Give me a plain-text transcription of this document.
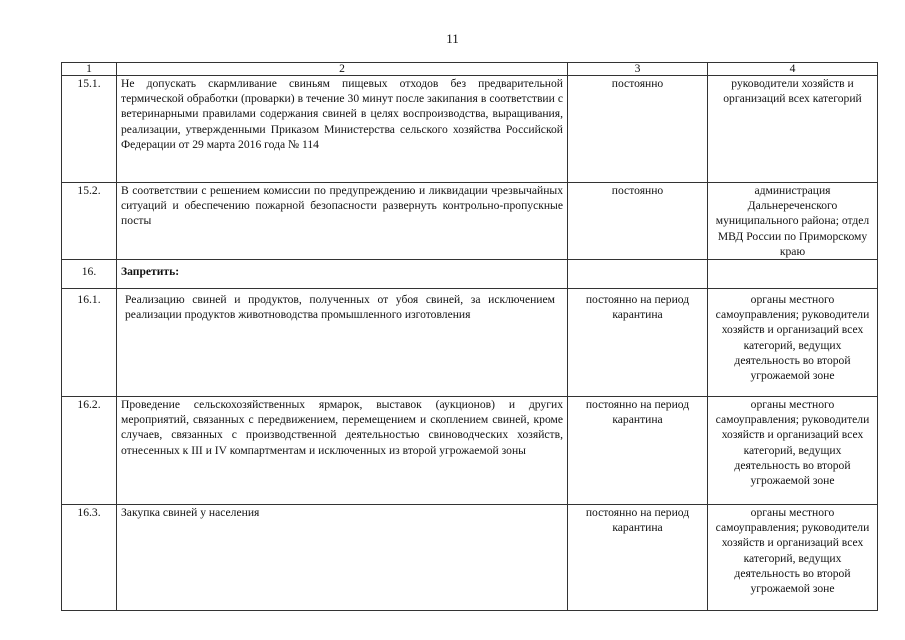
11
1	2	3	4
15.1.	Не допускать скармливание свиньям пищевых отходов без предварительной термической обработки (проварки) в течение 30 минут после закипания в соответствии с ветеринарными правилами содержания свиней в целях воспроизводства, выращивания, реализации, утвержденными Приказом Министерства сельского хозяйства Российской Федерации от 29 марта 2016 года № 114	постоянно	руководители хозяйств и организаций всех категорий
15.2.	В соответствии с решением комиссии по предупреждению и ликвидации чрезвычайных ситуаций и обеспечению пожарной безопасности развернуть контрольно-пропускные посты	постоянно	администрация Дальнереченского муниципального района; отдел МВД России по Приморскому краю
16.	Запретить:		
16.1.	Реализацию свиней и продуктов, полученных от убоя свиней, за исключением реализации продуктов животноводства промышленного изготовления	постоянно на период карантина	органы местного самоуправления; руководители хозяйств и организаций всех категорий, ведущих деятельность во второй угрожаемой зоне
16.2.	Проведение сельскохозяйственных ярмарок, выставок (аукционов) и других мероприятий, связанных с передвижением, перемещением и скоплением свиней, кроме случаев, связанных с производственной деятельностью свиноводческих хозяйств, отнесенных к III и IV компартментам и исключенных из второй угрожаемой зоны	постоянно на период карантина	органы местного самоуправления; руководители хозяйств и организаций всех категорий, ведущих деятельность во второй угрожаемой зоне
16.3.	Закупка свиней у населения	постоянно на период карантина	органы местного самоуправления; руководители хозяйств и организаций всех категорий, ведущих деятельность во второй угрожаемой зоне
